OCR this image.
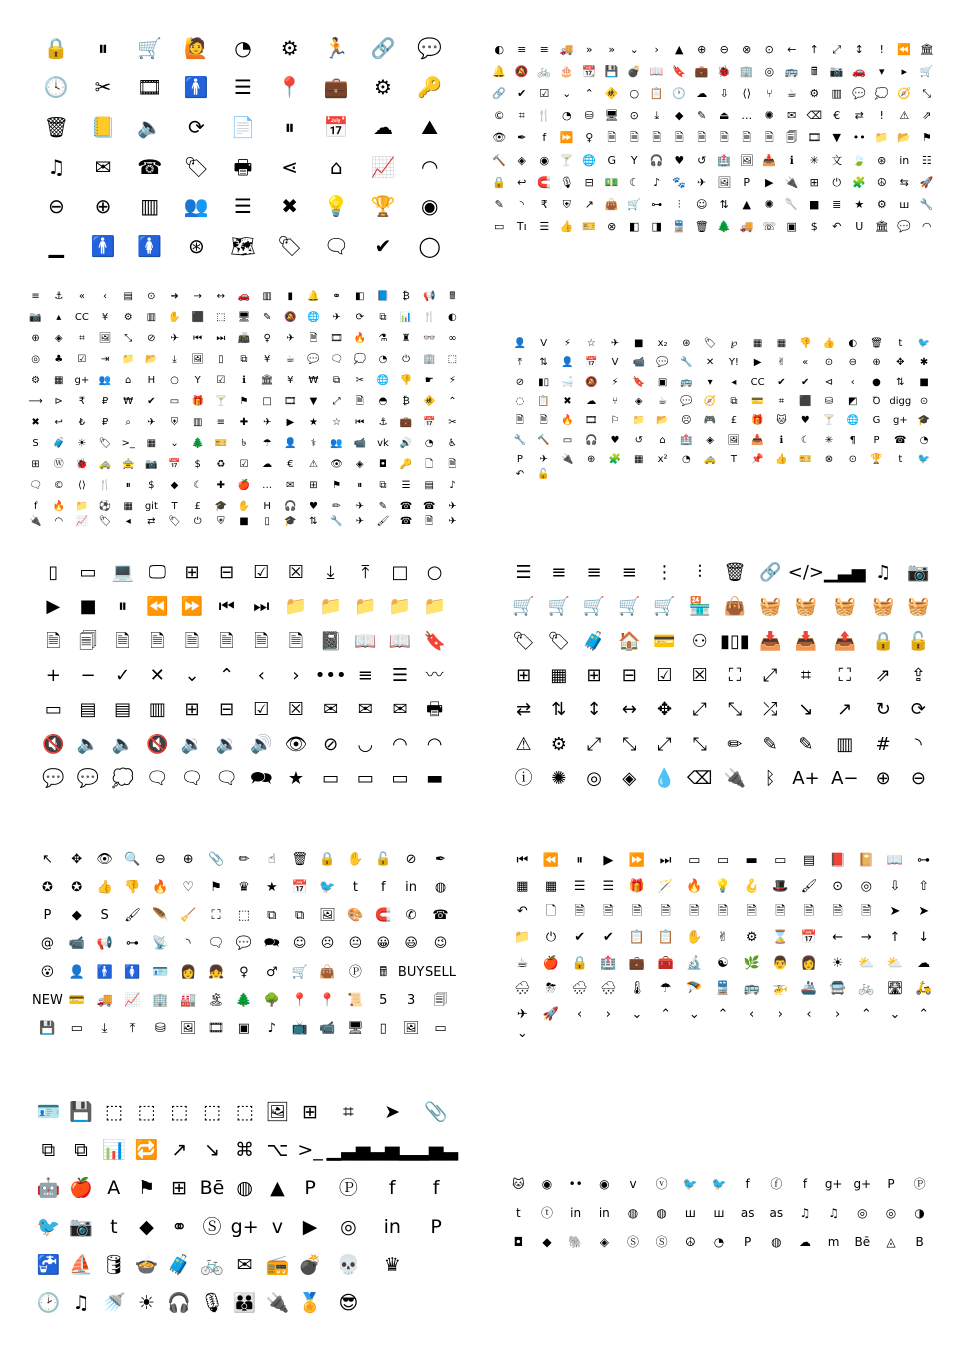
🔒	⏸	🛒	🙋	◔	⚙	🏃	🔗	💬
🕓	✂	🎞	🚹	☰	📍	💼	⚙	🔑
🗑	📒	🔈	⟳	📄	⏸	📅	☁	⛰
♫	✉	☎	🏷	🖶	⋖	⌂	📈	◠
⊖	⊕	▥	👥	☰	✖	💡	🏆	◉
▁	🚹	🚺	⊛	🗺	🏷	🗨	✔	◯
◐	≡	≡	🚚	»	»	⌄	›	▲	⊕	⊖	⊗	⊙	←	↑	⤢	↕	!	⏪ 🏛
🔔 🔕 🚲 🎂 📆 💾 💣 📖 🔖 💼 🐞 🏢 ◎ 🚌	🖩	📷 🚗	▾	▸	🛒
🔗	✔	☑	⌄	⌃	🚸 ○ 📋 🕐 ☁	⇩	⟨⟩	⑂	☕	⚙	▥ 💬 💭 🧭	⤡
©	⌗	🍴 ◔	⛁ 🖥 ⊙	⤓	◆	✎	⏏	…	✺	✉ ⌫	€	⇄	!	⚠	⇗
👁 ✒	f	⏩	♀	🗎	🗎	🗎	🗎	🗎	🗎	🗎	🗎	🗐 🎞	▼	•• 📁 📂 ⚑
🔨	◈	◉ 🍸 🌐	G	Y	🎧 ♥	↺	🏥 🖼 📥	ℹ	✳	文 🍃	⊛	in	☷
🔒	↩	🧲 🎙 ⊟	💵 ☾	♪	🐾	✈ 🖼	P	▶	🔌	⊞	⏻	🧩 ☮	⇆	🚀
✎	◝	₹	⛨	↗	👜 🛒 ⊶	⫶	☺	⇅	▲	✺	🥄 ■	≣	★	⚙	ꟺ 🔧
▭	Tı	☰ 👍 🎫	⊗	◧	◨ 🚆 🗑 🌲 🚚 ☏ ▣	$	↶	U	🏛 💬 ◠
≡	⚓	«	‹	▤	⊙	➜	→	↔	🚗	▥	▮	🔔	⚭	◧	📘	₿	📢	🖩
📷	▴	CC	¥	⚙	▥	✋	⬛	⬚	🖥	✎	🔕	🌐	✈	⟳	⧉	📊	🍴	◐
⊕	◈	⌗	🖼	⤡	⊘	✈	⏮	⏭	📠	♀	✈	🗎	🎞	🔥	⚗	♜	👓	∞
◎	♣	☑	⇥	📁	📂	⤓	🖼	▯	⧉	¥	☕	💬	🗨	💭	◔	⏻	🏢	⬚
⚙	▦	g+ 👥	⌂	H	○	Y	☑	ℹ	🏛	¥	₩	⧉	✂	🌐	👎	☛	⚡
⟶	⊳	₹	₽	₩	✔	▭	🎁	🍸	⚑	□	🎞	▼	⤢	🗎	◓	₿	🚸	⌃
✖	↩	₺	₽	⌕	✈	⛨	▥	≡	✚	✈	▶	★	☆	⏮	⚓	💼	📅	✂
S	🧳	☀	🏷	>_	▦	⌄	🌲	🎫	৳	☂	👤	⚕	👥	📹	vk	🔊	◔	♿
⊞	Ⓦ	🐞	🚕	🚖	📷	📅	$	♻	☑	☁	€	⚠	👁	◈	◘	🔑	🗋	🗎
🗨	©	⟨⟩	🍴	⏸	$	◆	☾	✚	🍎	…	✉	⊞	⚑	⏸	⧉	☰	▤	♪
f	🔥	📁	⚽	▦	git	T	£	🎓	✋	H	🎧	♥	✏	✈	✎	☎	☎	✈
🔌	◠	📈	🏷	◂	⇄	🏷	⏻	⛨	■	▯	🎓	⇅	🔧	✈	🖌	☎	🗎	✈
👤	V	⚡	☆	✈	■	x₂	⊛	🏷	℘	▦	▦	👎	👍	◐	🗑	t	🐦
⤒	⇅	👤	📅	V	📹	💬	🔧	✕	Y!	▶	✌	«	⊙	⊖	⊕	✥	✱
⊘	▮▯	🛁	🔕	⚡	🔖	▣	🚌	▾	◂	CC	✔	✔	⊲	‹	●	⇅	■
◌	📋	✖	☁	⑂	◈	☕	💬	🧭	⧉	💳	⌗	⬛	⛁	◩	Ꝺ digg ⊙
🗎	🗎	🔥	🎞	⚐	📁	📂	☹	🎮	£	🎁	🐱	♥	🍸	🌐	G	g+	🎓
🔧	🔨	▭	🎧	♥	↺	⌂	🏥	◈	🖼	📥	ℹ	☾	✳	¶	P	☎	◔
P	✈	🔌	⊕	🧩	▦	x²	◔	🚕	T	📌	👍	🎫	⊗	⊙	🏆	t	🐦
↶	🔓
▯	▭ 💻 🖵	⊞	⊟	☑	☒	⤓	⤒	□	○
▶	■	⏸	⏪ ⏩ ⏮	⏭ 📁 📁 📁 📁 📁
🗎	🗐	🗎	🗎	🗎	🗎	🗎	🗎 📓 📖 📖 🔖
+	−	✓	✕	⌄	⌃	‹	› ••• ≡	☰ 〰
▭ ▤ ▤ ▥	⊞	⊟	☑	☒	✉	✉	✉	🖶
🔇 🔈 🔈 🔇 🔉 🔉 🔊 👁 ⊘	◡	◠	◠
💬 💬 💭 🗨 🗨 🗨 🗪 ★	▭ ▭ ▭ ▬
☰	≡	≡	≡	⋮	⫶	🗑 🔗 </> ▁▃▅ ♫ 📷
🛒 🛒 🛒 🛒 🛒 🏪 👜 🧺 🧺 🧺 🧺 🧺
🏷 🏷 🧳 🏠 💳 ⚇ ▮▯▮ 📥 📥 📤 🔒 🔓
⊞	▦	⊞	⊟	☑	☒	⛶	⤢	⌗	⛶	⇗	⇪
⇄	⇅	↕	↔	✥	⤢	⤡	⤮	↘	↗	↻	⟳
⚠	⚙	⤢	⤡	⤢	⤡	✏	✎	✎	▥	#	◝
ⓘ	✺	◎	◈ 💧 ⌫ 🔌	ᛒ A+ A− ⊕	⊖
↖	✥	👁 🔍	⊖	⊕	📎	✏	☝	🗑 🔒 ✋ 🔓	⊘	✒
✪	✪	👍 👎 🔥	♡	⚑	♛	★	📅 🐦	t	f	in	◍
P	◆	S	🖌 🪶 🧹	⛶	⬚	⧉	⧉	🖼 🎨 🧲	✆	☎
@	📹 📢	⊶	📡	◝	🗨 💬 🗪 ☺	☹	😐	😀	😃	😉
😮	👤 🚹 🚺 🪪 👩 👧	♀	♂	🛒 👜	Ⓟ	🖩 BUY SELL
NEW 💳 🚚 📈 🏢 🏭 🏝 🌲 🌳 📍 📍 📜	5	3	🗐
💾	▭	⤓	⤒	⛁	🖼 🎞	▣	♪	📺 📹 🖥	▯	🖼	▭
⏮	⏪	⏸	▶	⏩	⏭	▭	▭	▬	▭	▤	📕 📔 📖	⊶
▦	▦	☰	☰	🎁 🪄 🔥 💡 🪝 🎩 🖌	⊙	◎	⇩	⇧
↶	🗋	🗎	🗎	🗎	🗎	🗎	🗎	🗎	🗎	🗎	🗎	🗎	➤	➤
📁	⏻	✔	✔	📋 📋 ✋	✌	⚙	⌛ 📅	←	→	↑	↓
☕	🍎 🔒 🏥 💼 🧰 🔬	☯	🌿 👨 👩	☀	⛅ ⛅	☁
🌨	⛈	🌧 🌨 🌡	☂	🪂 🚆 🚌 🚁 🚢 🚍 🚲 🛣 🛵
✈	🚀	‹	›	⌄	⌃	⌄	⌃	‹	›	‹	›	⌃	⌄	⌃
⌄
🪪 💾 ⬚ ⬚ ⬚ ⬚ ⬚ 🖼 ⊞	⌗	➤	📎
⧉	⧉ 📊 🔁 ↗ ↘ ⌘ ⌥ >_ ▁▃▅ ▃▅▂ ▂▅▃
🤖 🍎 A ⚑ ⊞ Bē ◍ ▲	P	Ⓟ	f	f
🐦 📷 t	◆ ⚭ Ⓢ g+ v	▶	◎	in	P
🚰 ⛵ 🛢 🍲 🧳 🚲 ✉ 📻 💣 💀	♛
🕑 ♫ 🚿 ☀ 🎧 🎙 👪 🔌 🏅 😎
🐱	◉	••	◉	v	ⓥ	🐦	🐦	f	ⓕ	f	g+ g+	P	Ⓟ
t	ⓣ	in	in	◍	◍	ꟺ	ꟺ	as	as	♫	♫	◎	◎	◑
◘	◆	🐘	◈	Ⓢ	Ⓢ	☮	◔	P	◍	☁	m	Bē	◬	B
